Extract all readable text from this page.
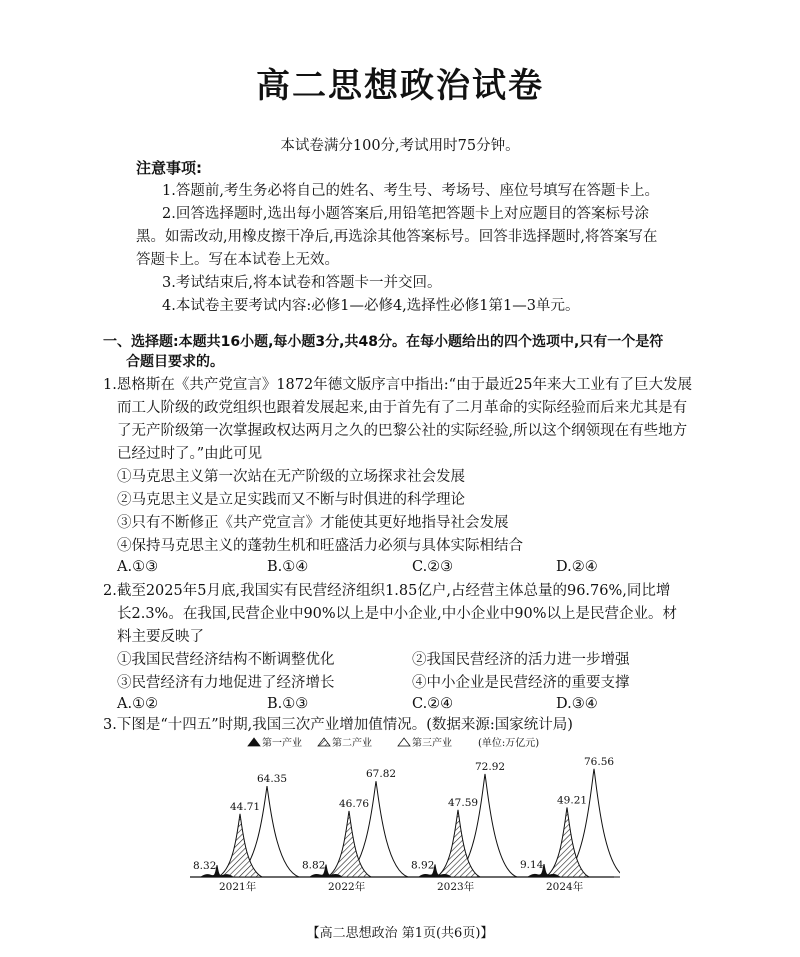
高二思想政治试卷
本试卷满分100分,考试用时75分钟。
注意事项:
1.答题前,考生务必将自己的姓名、考生号、考场号、座位号填写在答题卡上。
2.回答选择题时,选出每小题答案后,用铅笔把答题卡上对应题目的答案标号涂
黑。如需改动,用橡皮擦干净后,再选涂其他答案标号。回答非选择题时,将答案写在
答题卡上。写在本试卷上无效。
3.考试结束后,将本试卷和答题卡一并交回。
4.本试卷主要考试内容:必修1—必修4,选择性必修1第1—3单元。
一、选择题:本题共16小题,每小题3分,共48分。在每小题给出的四个选项中,只有一个是符
合题目要求的。
1.恩格斯在《共产党宣言》1872年德文版序言中指出:“由于最近25年来大工业有了巨大发展
而工人阶级的政党组织也跟着发展起来,由于首先有了二月革命的实际经验而后来尤其是有
了无产阶级第一次掌握政权达两月之久的巴黎公社的实际经验,所以这个纲领现在有些地方
已经过时了。”由此可见
①马克思主义第一次站在无产阶级的立场探求社会发展
②马克思主义是立足实践而又不断与时俱进的科学理论
③只有不断修正《共产党宣言》才能使其更好地指导社会发展
④保持马克思主义的蓬勃生机和旺盛活力必须与具体实际相结合
A.①③	B.①④	C.②③	D.②④
2.截至2025年5月底,我国实有民营经济组织1.85亿户,占经营主体总量的96.76%,同比增
长2.3%。在我国,民营企业中90%以上是中小企业,中小企业中90%以上是民营企业。材
料主要反映了
①我国民营经济结构不断调整优化	②我国民营经济的活力进一步增强
③民营经济有力地促进了经济增长	④中小企业是民营经济的重要支撑
A.①②	B.①③	C.②④	D.③④
3.下图是“十四五”时期,我国三次产业增加值情况。(数据来源:国家统计局)
第一产业	第二产业	第三产业	(单位:万亿元)
64.35
44.71
8.32
2021年
67.82
46.76
8.82
2022年
72.92
47.59
8.92
2023年
76.56
49.21
9.14
2024年
【高二思想政治 第1页(共6页)】
